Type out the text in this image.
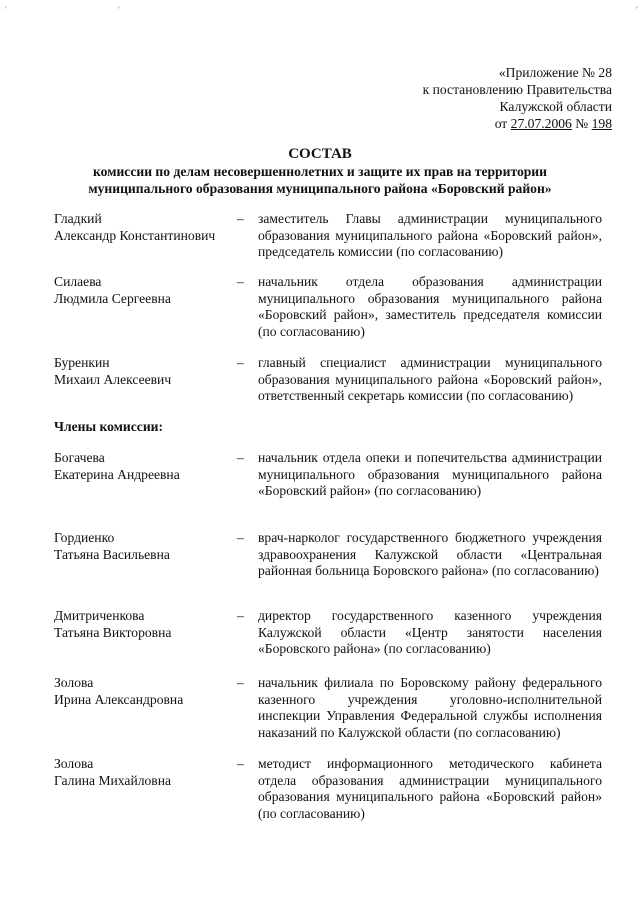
'	'	'
«Приложение № 28
к постановлению Правительства
Калужской области
от 27.07.2006 № 198
СОСТАВ
комиссии по делам несовершеннолетних и защите их прав на территории
муниципального образования муниципального района «Боровский район»
Гладкий
Александр Константинович
–	заместитель Главы администрации муниципального образования муниципального района «Боровский район», председатель комиссии (по согласованию)
Силаева
Людмила Сергеевна
–	начальник отдела образования администрации муниципального образования муниципального района «Боровский район», заместитель председателя комиссии (по согласованию)
Буренкин
Михаил Алексеевич
–	главный специалист администрации муниципального образования муниципального района «Боровский район», ответственный секретарь комиссии (по согласованию)
Члены комиссии:
Богачева
Екатерина Андреевна
–	начальник отдела опеки и попечительства администрации муниципального образования муниципального района «Боровский район» (по согласованию)
Гордиенко
Татьяна Васильевна
–	врач-нарколог государственного бюджетного учреждения здравоохранения Калужской области «Центральная районная больница Боровского района» (по согласованию)
Дмитриченкова
Татьяна Викторовна
–	директор государственного казенного учреждения Калужской области «Центр занятости населения «Боровского района» (по согласованию)
Золова
Ирина Александровна
–	начальник филиала по Боровскому району федерального казенного учреждения уголовно-исполнительной инспекции Управления Федеральной службы исполнения наказаний по Калужской области (по согласованию)
Золова
Галина Михайловна
–	методист информационного методического кабинета отдела образования администрации муниципального образования муниципального района «Боровский район» (по согласованию)
